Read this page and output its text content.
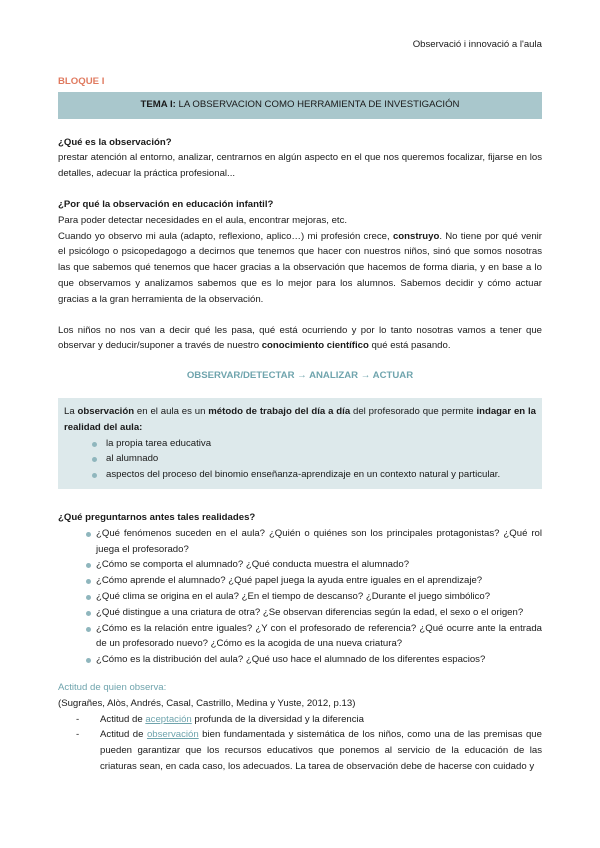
Observació i innovació a l'aula
BLOQUE I
TEMA I: LA OBSERVACION COMO HERRAMIENTA DE INVESTIGACIÓN
¿Qué es la observación?

prestar atención al entorno, analizar, centrarnos en algún aspecto en el que nos queremos focalizar, fijarse en los detalles, adecuar la práctica profesional...

¿Por qué la observación en educación infantil?

Para poder detectar necesidades en el aula, encontrar mejoras, etc.

Cuando yo observo mi aula (adapto, reflexiono, aplico…) mi profesión crece, construyo. No tiene por qué venir el psicólogo o psicopedagogo a decirnos que tenemos que hacer con nuestros niños, sinó que somos nosotras las que sabemos qué tenemos que hacer gracias a la observación que hacemos de forma diaria, y en base a lo que observamos y analizamos sabemos que es lo mejor para los alumnos. Sabemos decidir y cómo actuar gracias a la gran herramienta de la observación.

Los niños no nos van a decir qué les pasa, qué está ocurriendo y por lo tanto nosotras vamos a tener que observar y deducir/suponer a través de nuestro conocimiento científico qué está pasando.

OBSERVAR/DETECTAR → ANALIZAR → ACTUAR

La observación en el aula es un método de trabajo del día a día del profesorado que permite indagar en la realidad del aula:

la propia tarea educativa
al alumnado
aspectos del proceso del binomio enseñanza-aprendizaje en un contexto natural y particular.
¿Qué preguntarnos antes tales realidades?
¿Qué fenómenos suceden en el aula? ¿Quién o quiénes son los principales protagonistas? ¿Qué rol juega el profesorado?
¿Cómo se comporta el alumnado? ¿Qué conducta muestra el alumnado?
¿Cómo aprende el alumnado? ¿Qué papel juega la ayuda entre iguales en el aprendizaje?
¿Qué clima se origina en el aula? ¿En el tiempo de descanso? ¿Durante el juego simbólico?
¿Qué distingue a una criatura de otra? ¿Se observan diferencias según la edad, el sexo o el origen?
¿Cómo es la relación entre iguales? ¿Y con el profesorado de referencia? ¿Qué ocurre ante la entrada de un profesorado nuevo? ¿Cómo es la acogida de una nueva criatura?
¿Cómo es la distribución del aula? ¿Qué uso hace el alumnado de los diferentes espacios?
Actitud de quien observa:

(Sugrañes, Alòs, Andrés, Casal, Castrillo, Medina y Yuste, 2012, p.13)

- Actitud de aceptación profunda de la diversidad y la diferencia
- Actitud de observación bien fundamentada y sistemática de los niños, como una de las premisas que pueden garantizar que los recursos educativos que ponemos al servicio de la educación de las criaturas sean, en cada caso, los adecuados. La tarea de observación debe de hacerse con cuidado y
